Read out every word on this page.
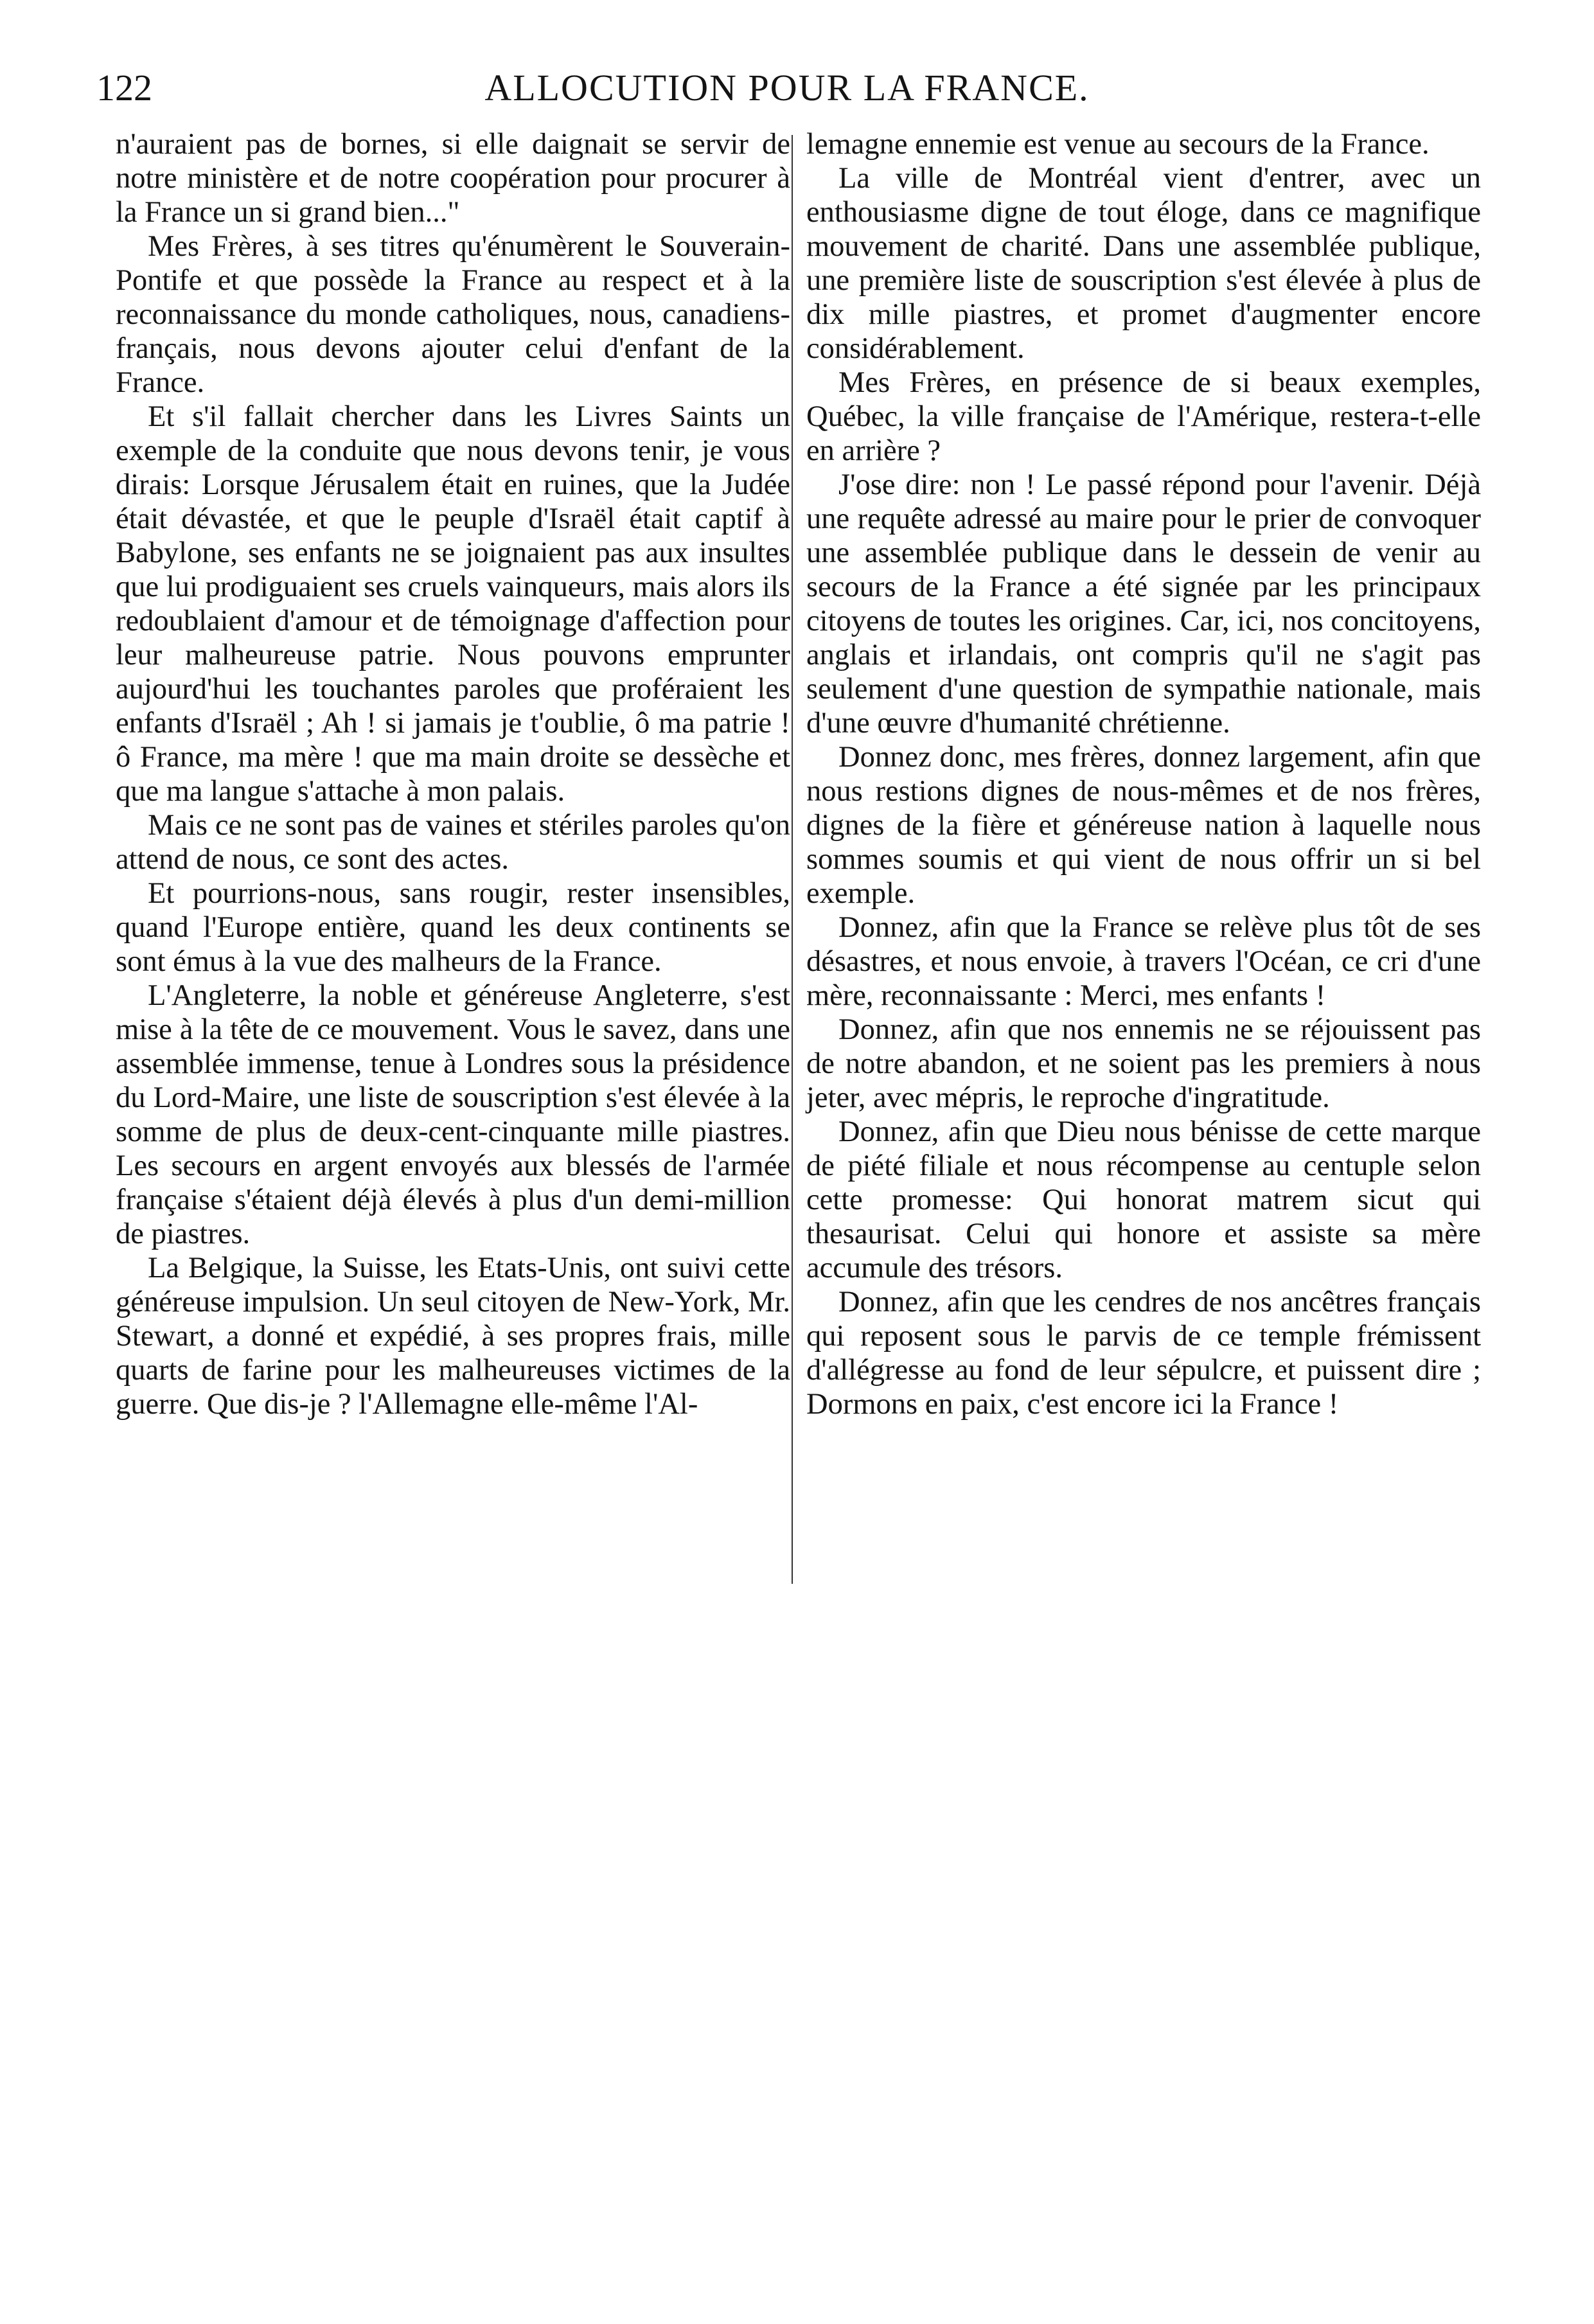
122	ALLOCUTION POUR LA FRANCE.

n'auraient pas de bornes, si elle daignait se servir de notre ministère et de notre coopération pour procurer à la France un si grand bien..."

Mes Frères, à ses titres qu'énumèrent le Souverain-Pontife et que possède la France au respect et à la reconnaissance du monde catholiques, nous, canadiens-français, nous devons ajouter celui d'enfant de la France.

Et s'il fallait chercher dans les Livres Saints un exemple de la conduite que nous devons tenir, je vous dirais: Lorsque Jérusalem était en ruines, que la Judée était dévastée, et que le peuple d'Israël était captif à Babylone, ses enfants ne se joignaient pas aux insultes que lui prodiguaient ses cruels vainqueurs, mais alors ils redoublaient d'amour et de témoignage d'affection pour leur malheureuse patrie. Nous pouvons emprunter aujourd'hui les touchantes paroles que proféraient les enfants d'Israël ; Ah ! si jamais je t'oublie, ô ma patrie ! ô France, ma mère ! que ma main droite se dessèche et que ma langue s'attache à mon palais.

Mais ce ne sont pas de vaines et stériles paroles qu'on attend de nous, ce sont des actes.

Et pourrions-nous, sans rougir, rester insensibles, quand l'Europe entière, quand les deux continents se sont émus à la vue des malheurs de la France.

L'Angleterre, la noble et généreuse Angleterre, s'est mise à la tête de ce mouvement. Vous le savez, dans une assemblée immense, tenue à Londres sous la présidence du Lord-Maire, une liste de souscription s'est élevée à la somme de plus de deux-cent-cinquante mille piastres. Les secours en argent envoyés aux blessés de l'armée française s'étaient déjà élevés à plus d'un demi-million de piastres.

La Belgique, la Suisse, les Etats-Unis, ont suivi cette généreuse impulsion. Un seul citoyen de New-York, Mr. Stewart, a donné et expédié, à ses propres frais, mille quarts de farine pour les malheureuses victimes de la guerre. Que dis-je ? l'Allemagne elle-même l'Al-

lemagne ennemie est venue au secours de la France.

La ville de Montréal vient d'entrer, avec un enthousiasme digne de tout éloge, dans ce magnifique mouvement de charité. Dans une assemblée publique, une première liste de souscription s'est élevée à plus de dix mille piastres, et promet d'augmenter encore considérablement.

Mes Frères, en présence de si beaux exemples, Québec, la ville française de l'Amérique, restera-t-elle en arrière ?

J'ose dire: non ! Le passé répond pour l'avenir. Déjà une requête adressé au maire pour le prier de convoquer une assemblée publique dans le dessein de venir au secours de la France a été signée par les principaux citoyens de toutes les origines. Car, ici, nos concitoyens, anglais et irlandais, ont compris qu'il ne s'agit pas seulement d'une question de sympathie nationale, mais d'une œuvre d'humanité chrétienne.

Donnez donc, mes frères, donnez largement, afin que nous restions dignes de nous-mêmes et de nos frères, dignes de la fière et généreuse nation à laquelle nous sommes soumis et qui vient de nous offrir un si bel exemple.

Donnez, afin que la France se relève plus tôt de ses désastres, et nous envoie, à travers l'Océan, ce cri d'une mère, reconnaissante : Merci, mes enfants !

Donnez, afin que nos ennemis ne se réjouissent pas de notre abandon, et ne soient pas les premiers à nous jeter, avec mépris, le reproche d'ingratitude.

Donnez, afin que Dieu nous bénisse de cette marque de piété filiale et nous récompense au centuple selon cette promesse: Qui honorat matrem sicut qui thesaurisat. Celui qui honore et assiste sa mère accumule des trésors.

Donnez, afin que les cendres de nos ancêtres français qui reposent sous le parvis de ce temple frémissent d'allégresse au fond de leur sépulcre, et puissent dire ; Dormons en paix, c'est encore ici la France !
